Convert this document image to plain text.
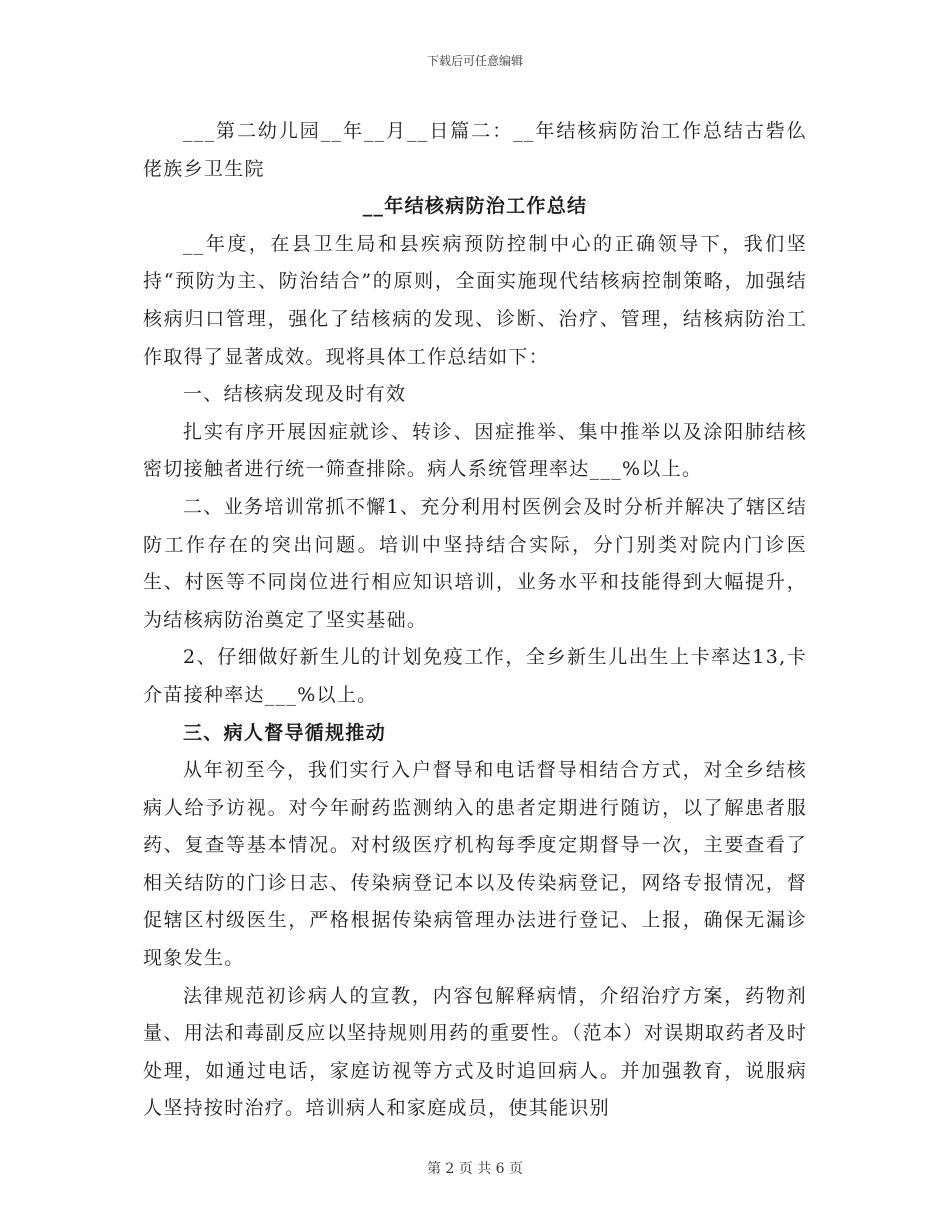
下载后可任意编辑

___第二幼儿园__年__月__日篇二：__年结核病防治工作总结古砦仫佬族乡卫生院

__年结核病防治工作总结

__年度，在县卫生局和县疾病预防控制中心的正确领导下，我们坚持“预防为主、防治结合”的原则，全面实施现代结核病控制策略，加强结核病归口管理，强化了结核病的发现、诊断、治疗、管理，结核病防治工作取得了显著成效。现将具体工作总结如下：

一、结核病发现及时有效

扎实有序开展因症就诊、转诊、因症推举、集中推举以及涂阳肺结核密切接触者进行统一筛查排除。病人系统管理率达___%以上。

二、业务培训常抓不懈1、充分利用村医例会及时分析并解决了辖区结防工作存在的突出问题。培训中坚持结合实际，分门别类对院内门诊医生、村医等不同岗位进行相应知识培训，业务水平和技能得到大幅提升，为结核病防治奠定了坚实基础。

2、仔细做好新生儿的计划免疫工作，全乡新生儿出生上卡率达13,卡介苗接种率达___%以上。

三、病人督导循规推动

从年初至今，我们实行入户督导和电话督导相结合方式，对全乡结核病人给予访视。对今年耐药监测纳入的患者定期进行随访，以了解患者服药、复查等基本情况。对村级医疗机构每季度定期督导一次，主要查看了相关结防的门诊日志、传染病登记本以及传染病登记，网络专报情况，督促辖区村级医生，严格根据传染病管理办法进行登记、上报，确保无漏诊现象发生。

法律规范初诊病人的宣教，内容包解释病情，介绍治疗方案，药物剂量、用法和毒副反应以坚持规则用药的重要性。（范本）对误期取药者及时处理，如通过电话，家庭访视等方式及时追回病人。并加强教育，说服病人坚持按时治疗。培训病人和家庭成员，使其能识别

第 2 页 共 6 页
